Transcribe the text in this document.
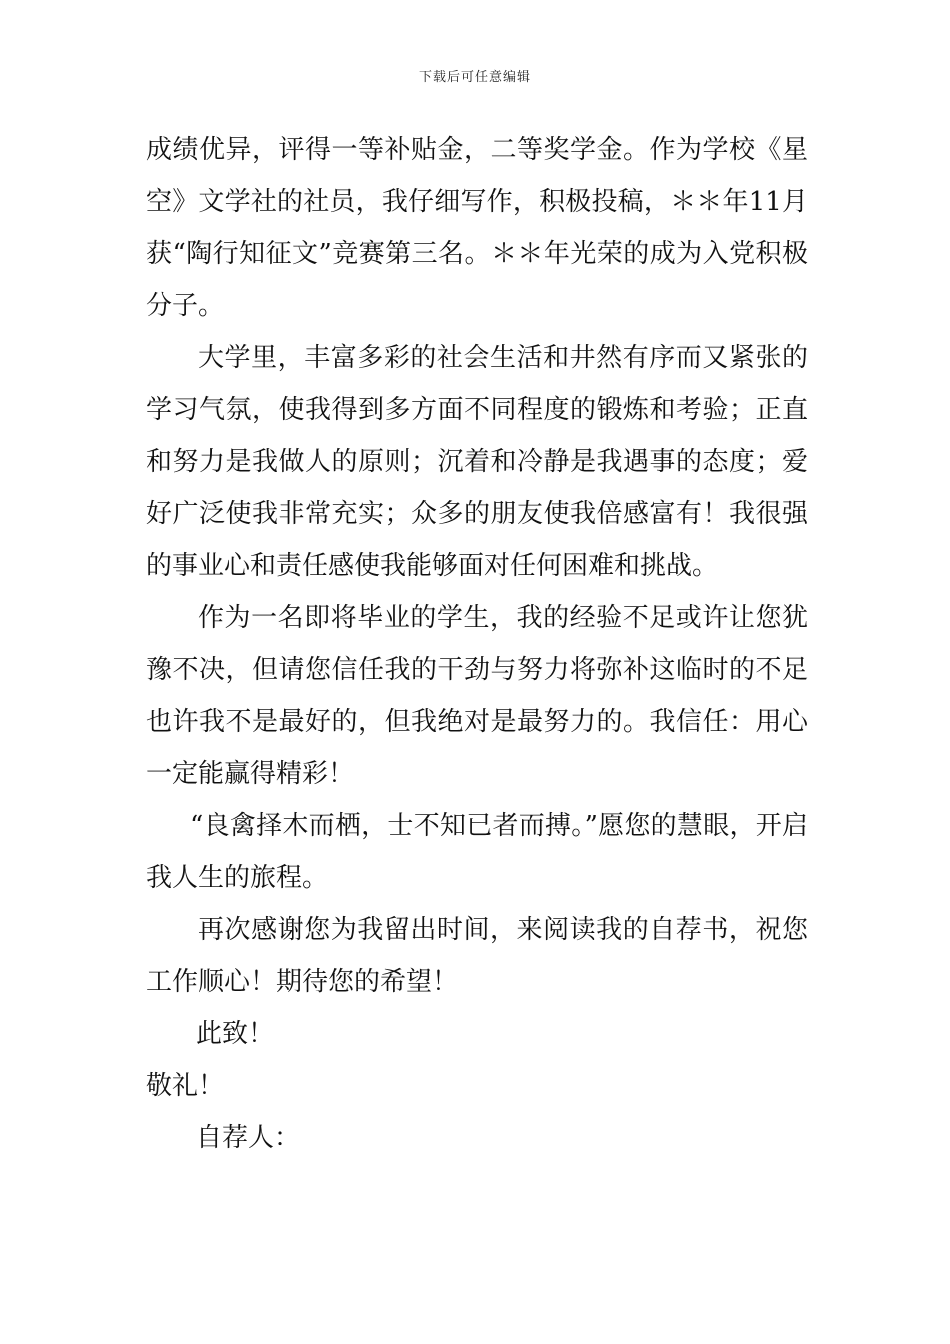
下载后可任意编辑

成绩优异，评得一等补贴金，二等奖学金。作为学校《星空》文学社的社员，我仔细写作，积极投稿，＊＊年11月获“陶行知征文”竞赛第三名。＊＊年光荣的成为入党积极分子。

大学里，丰富多彩的社会生活和井然有序而又紧张的学习气氛，使我得到多方面不同程度的锻炼和考验；正直和努力是我做人的原则；沉着和冷静是我遇事的态度；爱好广泛使我非常充实；众多的朋友使我倍感富有！我很强的事业心和责任感使我能够面对任何困难和挑战。

作为一名即将毕业的学生，我的经验不足或许让您犹豫不决，但请您信任我的干劲与努力将弥补这临时的不足也许我不是最好的，但我绝对是最努力的。我信任：用心一定能赢得精彩！

“良禽择木而栖，士不知已者而搏。”愿您的慧眼，开启我人生的旅程。

再次感谢您为我留出时间，来阅读我的自荐书，祝您工作顺心！期待您的希望！

此致！

敬礼！

自荐人：
